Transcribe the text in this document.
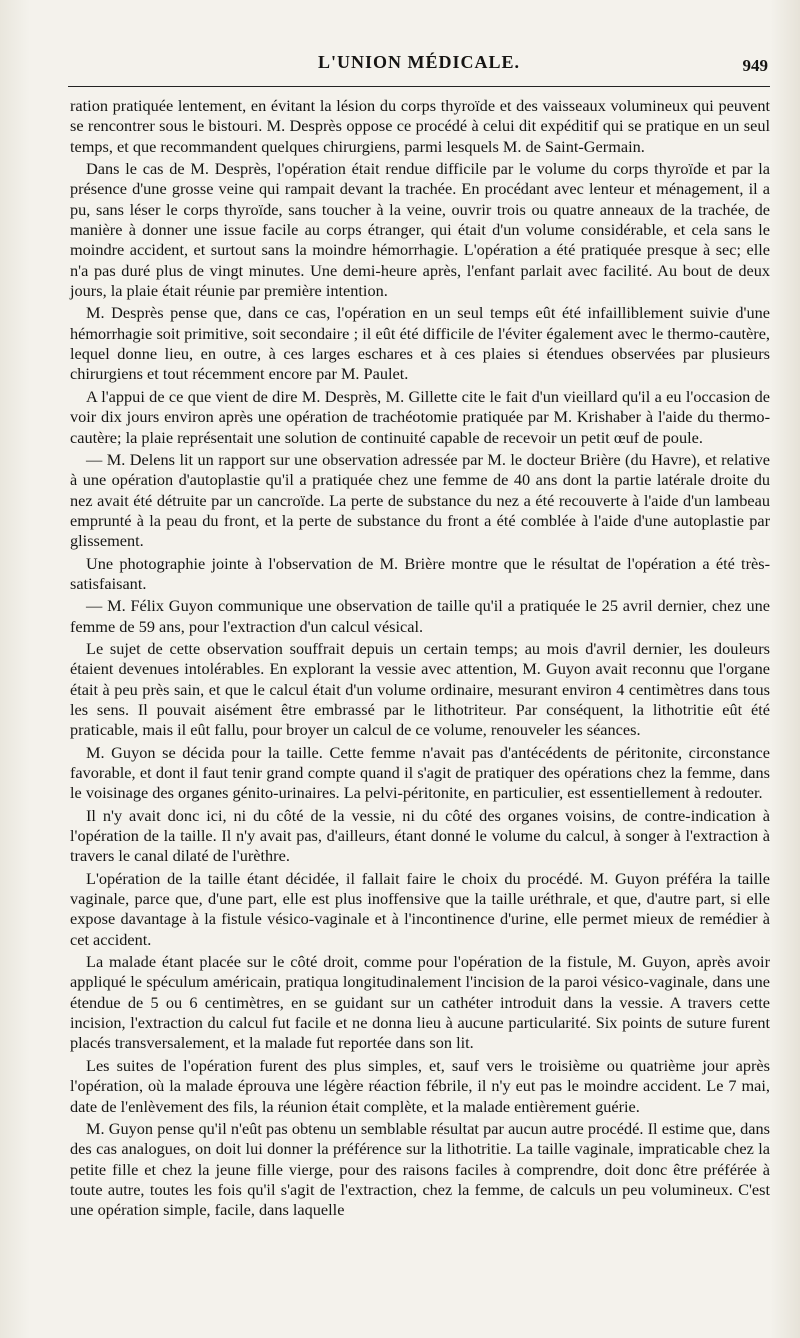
L'UNION MÉDICALE.	949

ration pratiquée lentement, en évitant la lésion du corps thyroïde et des vaisseaux volumineux qui peuvent se rencontrer sous le bistouri. M. Desprès oppose ce procédé à celui dit expéditif qui se pratique en un seul temps, et que recommandent quelques chirurgiens, parmi lesquels M. de Saint-Germain.

Dans le cas de M. Desprès, l'opération était rendue difficile par le volume du corps thyroïde et par la présence d'une grosse veine qui rampait devant la trachée. En procédant avec lenteur et ménagement, il a pu, sans léser le corps thyroïde, sans toucher à la veine, ouvrir trois ou quatre anneaux de la trachée, de manière à donner une issue facile au corps étranger, qui était d'un volume considérable, et cela sans le moindre accident, et surtout sans la moindre hémorrhagie. L'opération a été pratiquée presque à sec; elle n'a pas duré plus de vingt minutes. Une demi-heure après, l'enfant parlait avec facilité. Au bout de deux jours, la plaie était réunie par première intention.

M. Desprès pense que, dans ce cas, l'opération en un seul temps eût été infailliblement suivie d'une hémorrhagie soit primitive, soit secondaire ; il eût été difficile de l'éviter également avec le thermo-cautère, lequel donne lieu, en outre, à ces larges eschares et à ces plaies si étendues observées par plusieurs chirurgiens et tout récemment encore par M. Paulet.

A l'appui de ce que vient de dire M. Desprès, M. Gillette cite le fait d'un vieillard qu'il a eu l'occasion de voir dix jours environ après une opération de trachéotomie pratiquée par M. Krishaber à l'aide du thermo-cautère; la plaie représentait une solution de continuité capable de recevoir un petit œuf de poule.

— M. Delens lit un rapport sur une observation adressée par M. le docteur Brière (du Havre), et relative à une opération d'autoplastie qu'il a pratiquée chez une femme de 40 ans dont la partie latérale droite du nez avait été détruite par un cancroïde. La perte de substance du nez a été recouverte à l'aide d'un lambeau emprunté à la peau du front, et la perte de substance du front a été comblée à l'aide d'une autoplastie par glissement.

Une photographie jointe à l'observation de M. Brière montre que le résultat de l'opération a été très-satisfaisant.

— M. Félix Guyon communique une observation de taille qu'il a pratiquée le 25 avril dernier, chez une femme de 59 ans, pour l'extraction d'un calcul vésical.

Le sujet de cette observation souffrait depuis un certain temps; au mois d'avril dernier, les douleurs étaient devenues intolérables. En explorant la vessie avec attention, M. Guyon avait reconnu que l'organe était à peu près sain, et que le calcul était d'un volume ordinaire, mesurant environ 4 centimètres dans tous les sens. Il pouvait aisément être embrassé par le lithotriteur. Par conséquent, la lithotritie eût été praticable, mais il eût fallu, pour broyer un calcul de ce volume, renouveler les séances.

M. Guyon se décida pour la taille. Cette femme n'avait pas d'antécédents de péritonite, circonstance favorable, et dont il faut tenir grand compte quand il s'agit de pratiquer des opérations chez la femme, dans le voisinage des organes génito-urinaires. La pelvi-péritonite, en particulier, est essentiellement à redouter.

Il n'y avait donc ici, ni du côté de la vessie, ni du côté des organes voisins, de contre-indication à l'opération de la taille. Il n'y avait pas, d'ailleurs, étant donné le volume du calcul, à songer à l'extraction à travers le canal dilaté de l'urèthre.

L'opération de la taille étant décidée, il fallait faire le choix du procédé. M. Guyon préféra la taille vaginale, parce que, d'une part, elle est plus inoffensive que la taille uréthrale, et que, d'autre part, si elle expose davantage à la fistule vésico-vaginale et à l'incontinence d'urine, elle permet mieux de remédier à cet accident.

La malade étant placée sur le côté droit, comme pour l'opération de la fistule, M. Guyon, après avoir appliqué le spéculum américain, pratiqua longitudinalement l'incision de la paroi vésico-vaginale, dans une étendue de 5 ou 6 centimètres, en se guidant sur un cathéter introduit dans la vessie. A travers cette incision, l'extraction du calcul fut facile et ne donna lieu à aucune particularité. Six points de suture furent placés transversalement, et la malade fut reportée dans son lit.

Les suites de l'opération furent des plus simples, et, sauf vers le troisième ou quatrième jour après l'opération, où la malade éprouva une légère réaction fébrile, il n'y eut pas le moindre accident. Le 7 mai, date de l'enlèvement des fils, la réunion était complète, et la malade entièrement guérie.

M. Guyon pense qu'il n'eût pas obtenu un semblable résultat par aucun autre procédé. Il estime que, dans des cas analogues, on doit lui donner la préférence sur la lithotritie. La taille vaginale, impraticable chez la petite fille et chez la jeune fille vierge, pour des raisons faciles à comprendre, doit donc être préférée à toute autre, toutes les fois qu'il s'agit de l'extraction, chez la femme, de calculs un peu volumineux. C'est une opération simple, facile, dans laquelle
